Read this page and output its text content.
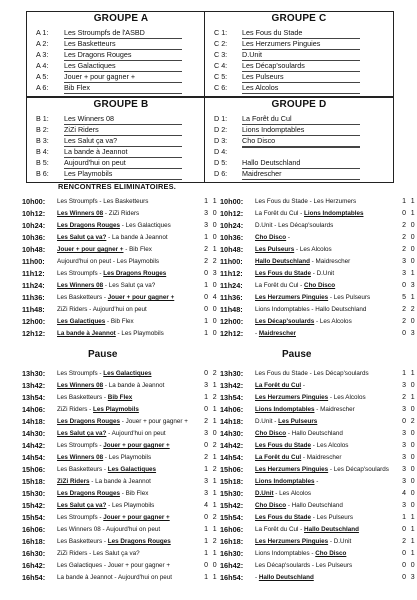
GROUPE A
A 1:	Les Stroumpfs de l'ASBD
A 2:	Les Basketteurs
A 3:	Les Dragons Rouges
A 4:	Les Galactiques
A 5:	Jouer + pour gagner +
A 6:	Bib Flex
GROUPE C
C 1:	Les Fous du Stade
C 2:	Les Herzumers Pinguies
C 3:	D.Unit
C 4:	Les Décap'soulards
C 5:	Les Pulseurs
C 6:	Les Alcolos
GROUPE B
B 1:	Les Winners 08
B 2:	ZiZi Riders
B 3:	Les Salut ça va?
B 4:	La bande à Jeannot
B 5:	Aujourd'hui on peut
B 6:	Les Playmobils
GROUPE D
D 1:	La Forêt du Cul
D 2:	Lions Indomptables
D 3:	Cho Disco
D 4:
D 5:	Hallo Deutschland
D 6:	Maidrescher
RENCONTRES ELIMINATOIRES.
10h00: Les Stroumpfs - Les Basketteurs	1 1
10h12: Les Winners 08 - ZiZi Riders	3 0
10h24: Les Dragons Rouges - Les Galactiques	3 0
10h36: Les Salut ça va? - La bande à Jeannot	1 0
10h48: Jouer + pour gagner + - Bib Flex	2 1
11h00: Aujourd'hui on peut - Les Playmobils	2 2
11h12: Les Stroumpfs - Les Dragons Rouges	0 3
11h24: Les Winners 08 - Les Salut ça va?	1 0
11h36: Les Basketteurs - Jouer + pour gagner +	0 4
11h48: ZiZi Riders - Aujourd'hui on peut	0 0
12h00: Les Galactiques - Bib Flex	1 0
12h12: La bande à Jeannot - Les Playmobils	1 0
10h00: Les Fous du Stade - Les Herzumers	1 1
10h12: La Forêt du Cul - Lions Indomptables	0 1
10h24: D.Unit - Les Décap'soulards	2 0
10h36: Cho Disco -	2 0
10h48: Les Pulseurs - Les Alcolos	2 0
11h00: Hallo Deutschland - Maidrescher	3 0
11h12: Les Fous du Stade - D.Unit	3 1
11h24: La Forêt du Cul - Cho Disco	0 3
11h36: Les Herzumers Pinguies - Les Pulseurs	5 1
11h48: Lions Indomptables - Hallo Deutschland	2 2
12h00: Les Décap'soulards - Les Alcolos	2 0
12h12: - Maidrescher	0 3
Pause	Pause
13h30: Les Stroumpfs - Les Galactiques	0 2
13h42: Les Winners 08 - La bande à Jeannot	3 1
13h54: Les Basketteurs - Bib Flex	1 2
14h06: ZiZi Riders - Les Playmobils	0 1
14h18: Les Dragons Rouges - Jouer + pour gagner +	2 1
14h30: Les Salut ça va? - Aujourd'hui on peut	3 0
14h42: Les Stroumpfs - Jouer + pour gagner +	0 2
14h54: Les Winners 08 - Les Playmobils	2 1
15h06: Les Basketteurs - Les Galactiques	1 2
15h18: ZiZi Riders - La bande à Jeannot	3 1
15h30: Les Dragons Rouges - Bib Flex	3 1
15h42: Les Salut ça va? - Les Playmobils	4 1
15h54: Les Stroumpfs - Jouer + pour gagner +	0 2
16h06: Les Winners 08 - Aujourd'hui on peut	1 1
16h18: Les Basketteurs - Les Dragons Rouges	1 2
16h30: ZiZi Riders - Les Salut ça va?	1 1
16h42: Les Galactiques - Jouer + pour gagner +	0 0
16h54: La bande à Jeannot - Aujourd'hui on peut	1 1
13h30: Les Fous du Stade - Les Décap'soulards	1 1
13h42: La Forêt du Cul -	3 0
13h54: Les Herzumers Pinguies - Les Alcolos	2 1
14h06: Lions Indomptables - Maidrescher	3 0
14h18: D.Unit - Les Pulseurs	0 2
14h30: Cho Disco - Hallo Deutschland	3 0
14h42: Les Fous du Stade - Les Alcolos	3 0
14h54: La Forêt du Cul - Maidrescher	3 0
15h06: Les Herzumers Pinguies - Les Décap'soulards	3 0
15h18: Lions Indomptables -	3 0
15h30: D.Unit - Les Alcolos	4 0
15h42: Cho Disco - Hallo Deutschland	3 0
15h54: Les Fous du Stade - Les Pulseurs	1 1
16h06: La Forêt du Cul - Hallo Deutschland	0 1
16h18: Les Herzumers Pinguies - D.Unit	2 1
16h30: Lions Indomptables - Cho Disco	0 1
16h42: Les Décap'soulards - Les Pulseurs	0 0
16h54: - Hallo Deutschland	0 3
